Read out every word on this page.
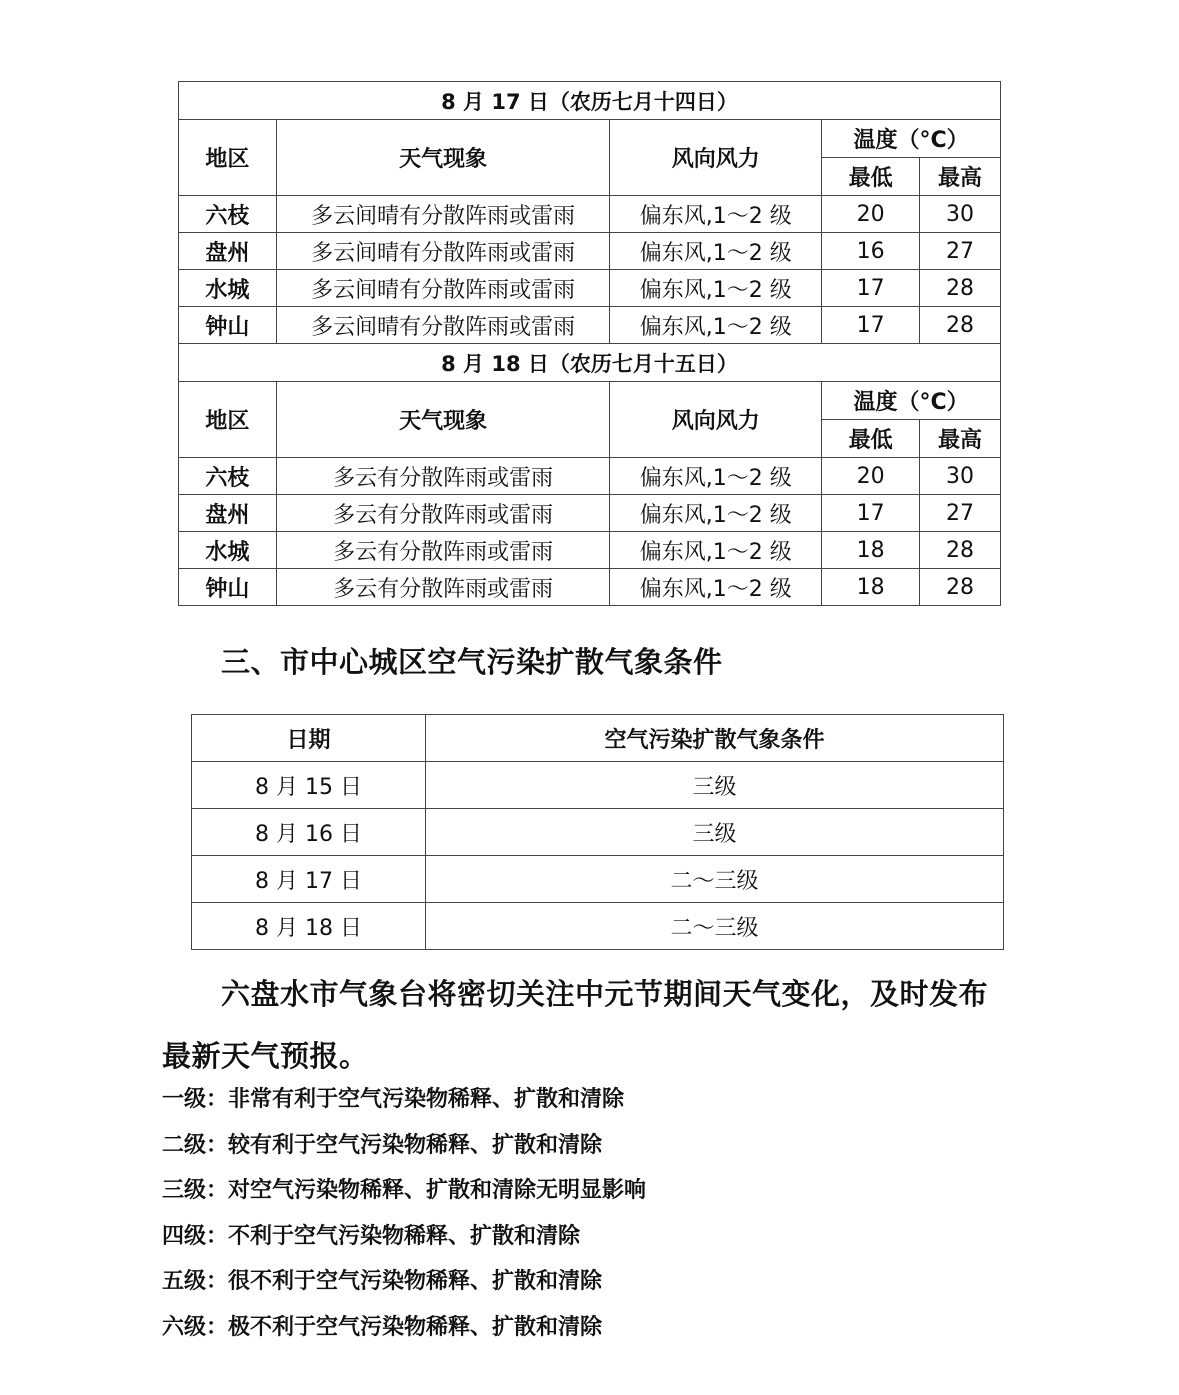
8 月 17 日（农历七月十四日）				
地区	天气现象	风向风力	温度（°C）	
			最低	最高
六枝	多云间晴有分散阵雨或雷雨	偏东风,1～2 级	20	30
盘州	多云间晴有分散阵雨或雷雨	偏东风,1～2 级	16	27
水城	多云间晴有分散阵雨或雷雨	偏东风,1～2 级	17	28
钟山	多云间晴有分散阵雨或雷雨	偏东风,1～2 级	17	28
8 月 18 日（农历七月十五日）				
地区	天气现象	风向风力	温度（°C）	
			最低	最高
六枝	多云有分散阵雨或雷雨	偏东风,1～2 级	20	30
盘州	多云有分散阵雨或雷雨	偏东风,1～2 级	17	27
水城	多云有分散阵雨或雷雨	偏东风,1～2 级	18	28
钟山	多云有分散阵雨或雷雨	偏东风,1～2 级	18	28
三、市中心城区空气污染扩散气象条件
日期	空气污染扩散气象条件
8 月 15 日	三级
8 月 16 日	三级
8 月 17 日	二～三级
8 月 18 日	二～三级

六盘水市气象台将密切关注中元节期间天气变化，及时发布

最新天气预报。

一级：非常有利于空气污染物稀释、扩散和清除
二级：较有利于空气污染物稀释、扩散和清除
三级：对空气污染物稀释、扩散和清除无明显影响
四级：不利于空气污染物稀释、扩散和清除
五级：很不利于空气污染物稀释、扩散和清除
六级：极不利于空气污染物稀释、扩散和清除
